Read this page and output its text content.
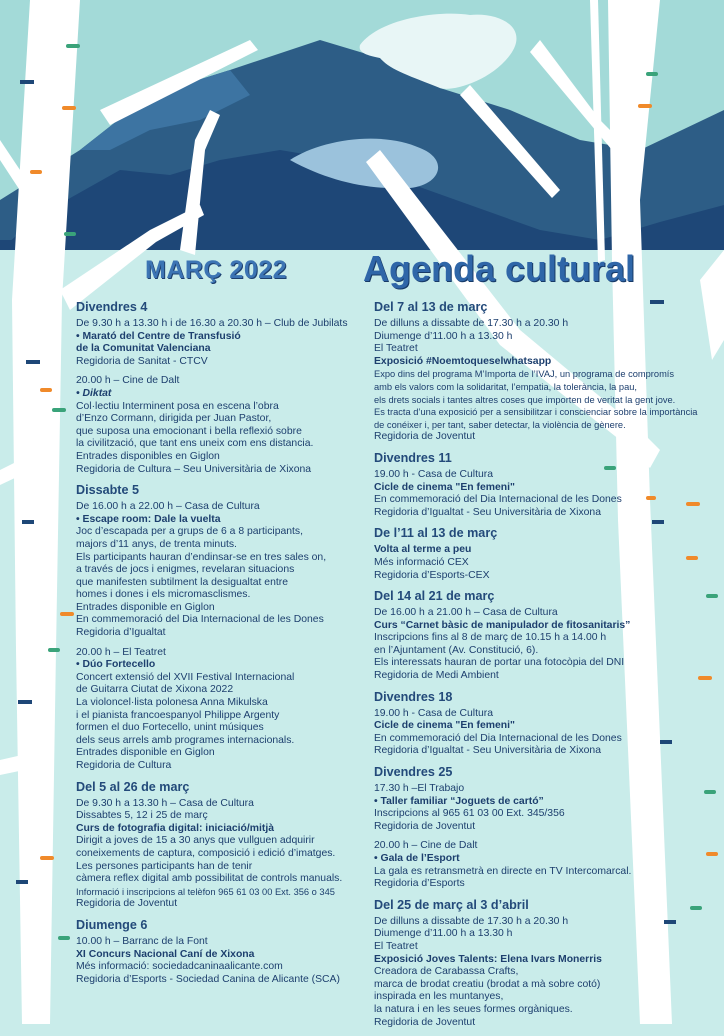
MARÇ 2022 Agenda cultural
Divendres 4
De 9.30 h a 13.30 h i de 16.30 a 20.30 h – Club de Jubilats
• Marató del Centre de Transfusió
de la Comunitat Valenciana
Regidoria de Sanitat - CTCV
20.00 h – Cine de Dalt
• Diktat
Col·lectiu Interminent posa en escena l’obra
d’Enzo Cormann, dirigida per Juan Pastor,
que suposa una emocionant i bella reflexió sobre
la civilització, que tant ens uneix com ens distancia.
Entrades disponibles en Giglon
Regidoria de Cultura – Seu Universitària de Xixona
Dissabte 5
De 16.00 h a 22.00 h – Casa de Cultura
• Escape room: Dale la vuelta
Joc d’escapada per a grups de 6 a 8 participants,
majors d’11 anys, de trenta minuts.
Els participants hauran d’endinsar-se en tres sales on,
a través de jocs i enigmes, revelaran situacions
que manifesten subtilment la desigualtat entre
homes i dones i els micromasclismes.
Entrades disponible en Giglon
En commemoració del Dia Internacional de les Dones
Regidoria d’Igualtat
20.00 h – El Teatret
• Dúo Fortecello
Concert extensió del XVII Festival Internacional
de Guitarra Ciutat de Xixona 2022
La violoncel·lista polonesa Anna Mikulska
i el pianista francoespanyol Philippe Argenty
formen el duo Fortecello, unint músiques
dels seus arrels amb programes internacionals.
Entrades disponible en Giglon
Regidoria de Cultura
Del 5 al 26 de març
De 9.30 h a 13.30 h – Casa de Cultura
Dissabtes 5, 12 i 25 de març
Curs de fotografia digital: iniciació/mitjà
Dirigit a joves de 15 a 30 anys que vullguen adquirir
coneixements de captura, composició i edició d’imatges.
Les persones participants han de tenir
càmera reflex digital amb possibilitat de controls manuals.
Informació i inscripcions al telèfon 965 61 03 00 Ext. 356 o 345
Regidoria de Joventut
Diumenge 6
10.00 h – Barranc de la Font
XI Concurs Nacional Caní de Xixona
Més informació: sociedadcaninaalicante.com
Regidoria d’Esports - Sociedad Canina de Alicante (SCA)
Del 7 al 13 de març
De dilluns a dissabte de 17.30 h a 20.30 h
Diumenge d’11.00 h a 13.30 h
El Teatret
Exposició #Noemtoqueselwhatsapp
Expo dins del programa M’Importa de l’IVAJ, un programa de compromís
amb els valors com la solidaritat, l’empatia, la tolerància, la pau,
els drets socials i tantes altres coses que importen de veritat la gent jove.
Es tracta d’una exposició per a sensibilitzar i conscienciar sobre la importància
de conéixer i, per tant, saber detectar, la violència de gènere.
Regidoria de Joventut
Divendres 11
19.00 h - Casa de Cultura
Cicle de cinema "En femeni"
En commemoració del Dia Internacional de les Dones
Regidoria d’Igualtat - Seu Universitària de Xixona
De l’11 al 13 de març
Volta al terme a peu
Més informació CEX
Regidoria d’Esports-CEX
Del 14 al 21 de març
De 16.00 h a 21.00 h – Casa de Cultura
Curs “Carnet bàsic de manipulador de fitosanitaris”
Inscripcions fins al 8 de març de 10.15 h a 14.00 h
en l’Ajuntament (Av. Constitució, 6).
Els interessats hauran de portar una fotocòpia del DNI
Regidoria de Medi Ambient
Divendres 18
19.00 h - Casa de Cultura
Cicle de cinema "En femeni"
En commemoració del Dia Internacional de les Dones
Regidoria d’Igualtat - Seu Universitària de Xixona
Divendres 25
17.30 h –El Trabajo
• Taller familiar “Joguets de cartó”
Inscripcions al 965 61 03 00 Ext. 345/356
Regidoria de Joventut
20.00 h – Cine de Dalt
• Gala de l’Esport
La gala es retransmetrà en directe en TV Intercomarcal.
Regidoria d’Esports
Del 25 de març al 3 d’abril
De dilluns a dissabte de 17.30 h a 20.30 h
Diumenge d’11.00 h a 13.30 h
El Teatret
Exposició Joves Talents: Elena Ivars Monerris
Creadora de Carabassa Crafts,
marca de brodat creatiu (brodat a mà sobre cotó)
inspirada en les muntanyes,
la natura i en les seues formes orgàniques.
Regidoria de Joventut
